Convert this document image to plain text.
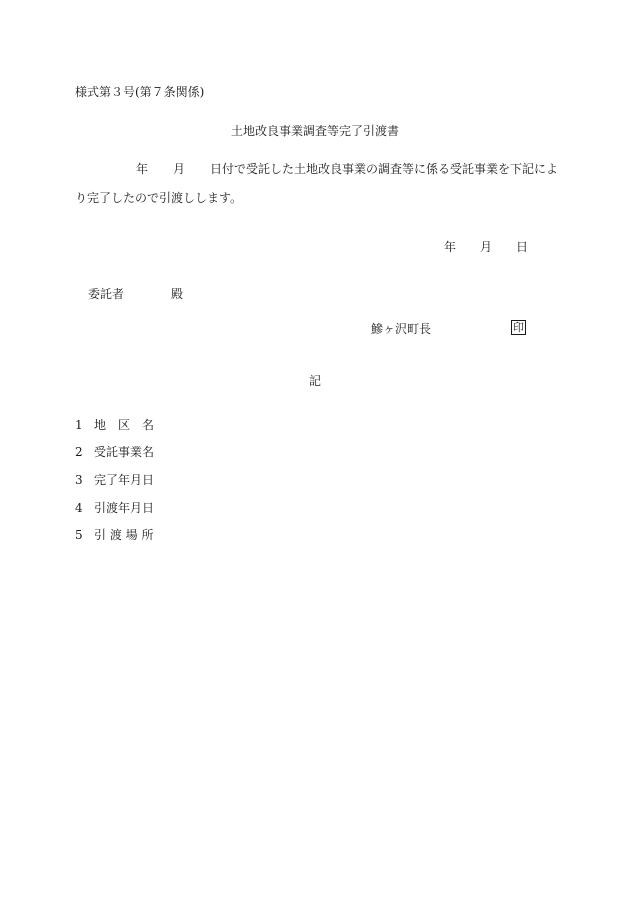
様式第３号(第７条関係)
土地改良事業調査等完了引渡書
年 月 日付で受託した土地改良事業の調査等に係る受託事業を下記によ
り完了したので引渡しします。
年 月 日
委託者	殿
鰺ヶ沢町長	印
記
1 地　区　名
2 受託事業名
3 完了年月日
4 引渡年月日
5 引 渡 場 所
